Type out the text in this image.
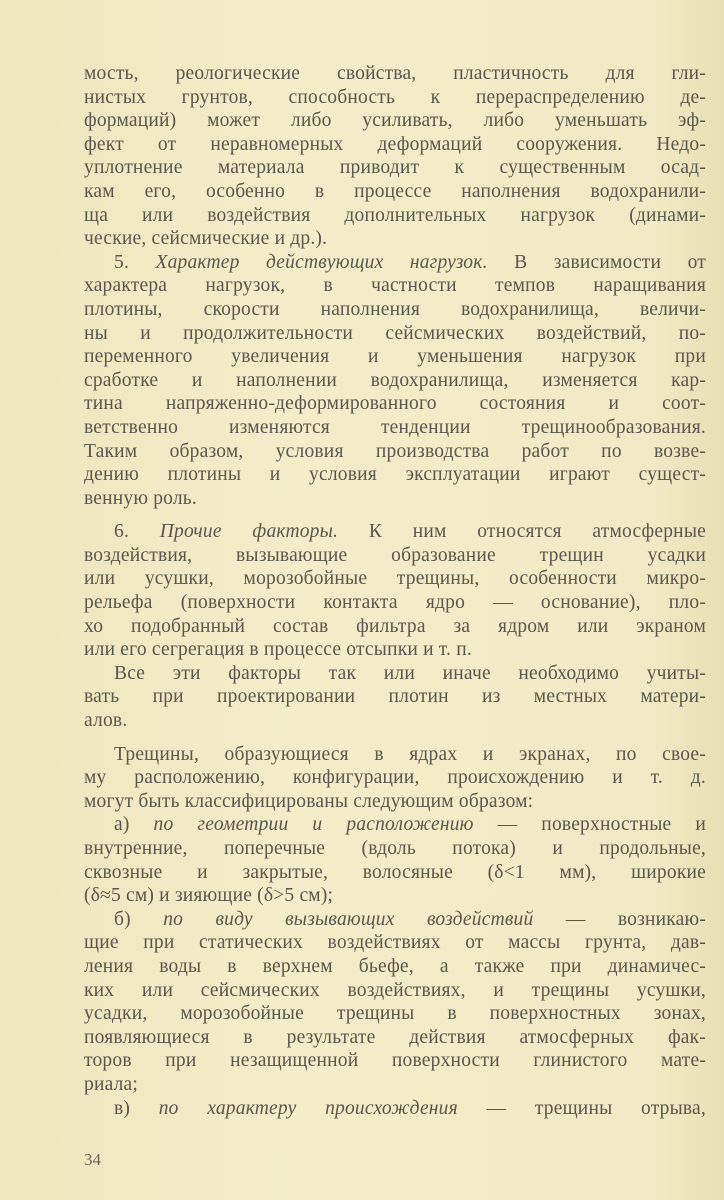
мость, реологические свойства, пластичность для гли-
нистых грунтов, способность к перераспределению де-
формаций) может либо усиливать, либо уменьшать эф-
фект от неравномерных деформаций сооружения. Недо-
уплотнение материала приводит к существенным осад-
кам его, особенно в процессе наполнения водохранили-
ща или воздействия дополнительных нагрузок (динами-
ческие, сейсмические и др.).
5. Характер действующих нагрузок. В зависимости от
характера нагрузок, в частности темпов наращивания
плотины, скорости наполнения водохранилища, величи-
ны и продолжительности сейсмических воздействий, по-
переменного увеличения и уменьшения нагрузок при
сработке и наполнении водохранилища, изменяется кар-
тина напряженно-деформированного состояния и соот-
ветственно изменяются тенденции трещинообразования.
Таким образом, условия производства работ по возве-
дению плотины и условия эксплуатации играют сущест-
венную роль.
6. Прочие факторы. К ним относятся атмосферные
воздействия, вызывающие образование трещин усадки
или усушки, морозобойные трещины, особенности микро-
рельефа (поверхности контакта ядро — основание), пло-
хо подобранный состав фильтра за ядром или экраном
или его сегрегация в процессе отсыпки и т. п.
Все эти факторы так или иначе необходимо учиты-
вать при проектировании плотин из местных матери-
алов.
Трещины, образующиеся в ядрах и экранах, по свое-
му расположению, конфигурации, происхождению и т. д.
могут быть классифицированы следующим образом:
а) по геометрии и расположению — поверхностные и
внутренние, поперечные (вдоль потока) и продольные,
сквозные и закрытые, волосяные (δ<1 мм), широкие
(δ≈5 см) и зияющие (δ>5 см);
б) по виду вызывающих воздействий — возникаю-
щие при статических воздействиях от массы грунта, дав-
ления воды в верхнем бьефе, а также при динамичес-
ких или сейсмических воздействиях, и трещины усушки,
усадки, морозобойные трещины в поверхностных зонах,
появляющиеся в результате действия атмосферных фак-
торов при незащищенной поверхности глинистого мате-
риала;
в) по характеру происхождения — трещины отрыва,
34
